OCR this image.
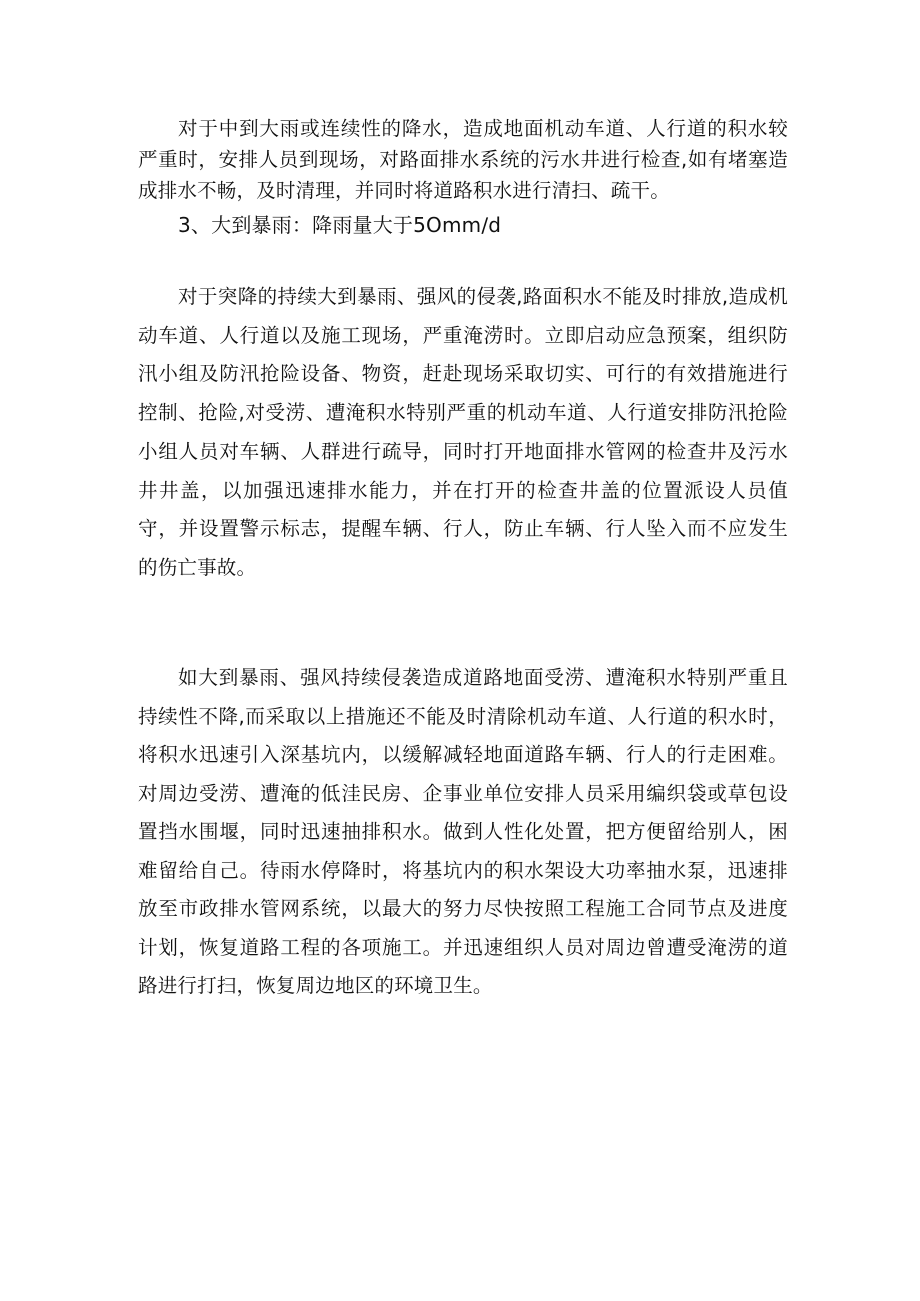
对于中到大雨或连续性的降水，造成地面机动车道、人行道的积水较严重时，安排人员到现场，对路面排水系统的污水井进行检查,如有堵塞造成排水不畅，及时清理，并同时将道路积水进行清扫、疏干。

3、大到暴雨：降雨量大于5Omm∕d

对于突降的持续大到暴雨、强风的侵袭,路面积水不能及时排放,造成机动车道、人行道以及施工现场，严重淹涝时。立即启动应急预案，组织防汛小组及防汛抢险设备、物资，赶赴现场采取切实、可行的有效措施进行控制、抢险,对受涝、遭淹积水特别严重的机动车道、人行道安排防汛抢险小组人员对车辆、人群进行疏导，同时打开地面排水管网的检查井及污水井井盖，以加强迅速排水能力，并在打开的检查井盖的位置派设人员值守，并设置警示标志，提醒车辆、行人，防止车辆、行人坠入而不应发生的伤亡事故。

如大到暴雨、强风持续侵袭造成道路地面受涝、遭淹积水特别严重且持续性不降,而采取以上措施还不能及时清除机动车道、人行道的积水时，将积水迅速引入深基坑内，以缓解减轻地面道路车辆、行人的行走困难。对周边受涝、遭淹的低洼民房、企事业单位安排人员采用编织袋或草包设置挡水围堰，同时迅速抽排积水。做到人性化处置，把方便留给别人，困难留给自己。待雨水停降时，将基坑内的积水架设大功率抽水泵，迅速排放至市政排水管网系统，以最大的努力尽快按照工程施工合同节点及进度计划，恢复道路工程的各项施工。并迅速组织人员对周边曾遭受淹涝的道路进行打扫，恢复周边地区的环境卫生。
